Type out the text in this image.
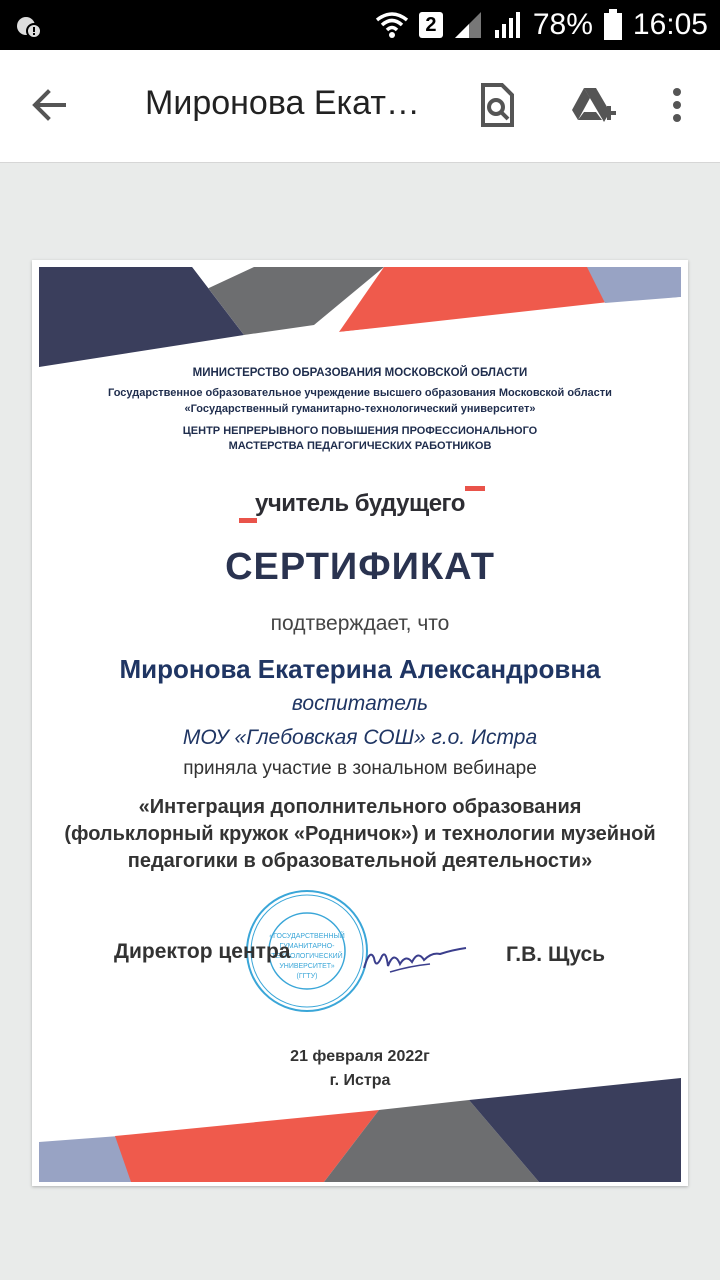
2	78% 16:05
Миронова Екат…
МИНИСТЕРСТВО ОБРАЗОВАНИЯ МОСКОВСКОЙ ОБЛАСТИ
Государственное образовательное учреждение высшего образования Московской области
«Государственный гуманитарно-технологический университет»
ЦЕНТР НЕПРЕРЫВНОГО ПОВЫШЕНИЯ ПРОФЕССИОНАЛЬНОГО
МАСТЕРСТВА ПЕДАГОГИЧЕСКИХ РАБОТНИКОВ
учитель будущего
СЕРТИФИКАТ
подтверждает, что
Миронова Екатерина Александровна
воспитатель
МОУ «Глебовская СОШ» г.о. Истра
приняла участие в зональном вебинаре
«Интеграция дополнительного образования (фольклорный кружок «Родничок») и технологии музейной педагогики в образовательной деятельности»
«ГОСУДАРСТВЕННЫЙ
ГУМАНИТАРНО-
ТЕХНОЛОГИЧЕСКИЙ
УНИВЕРСИТЕТ»
(ГГТУ)
Директор центра	Г.В. Щусь
21 февраля 2022г
г. Истра
